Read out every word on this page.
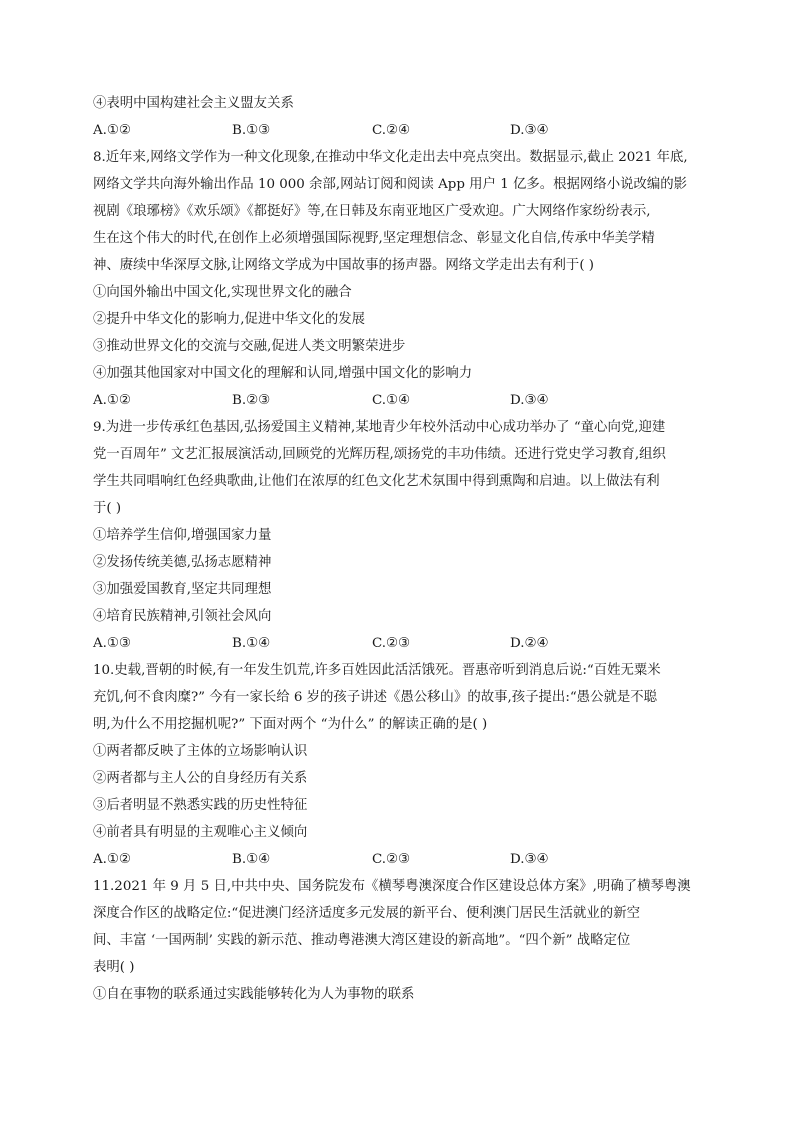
④表明中国构建社会主义盟友关系
A.①②	B.①③	C.②④	D.③④
8.近年来,网络文学作为一种文化现象,在推动中华文化走出去中亮点突出。数据显示,截止 2021 年底,
网络文学共向海外输出作品 10 000 余部,网站订阅和阅读 App 用户 1 亿多。根据网络小说改编的影
视剧《琅琊榜》《欢乐颂》《都挺好》等,在日韩及东南亚地区广受欢迎。广大网络作家纷纷表示,
生在这个伟大的时代,在创作上必须增强国际视野,坚定理想信念、彰显文化自信,传承中华美学精
神、赓续中华深厚文脉,让网络文学成为中国故事的扬声器。网络文学走出去有利于( )
①向国外输出中国文化,实现世界文化的融合
②提升中华文化的影响力,促进中华文化的发展
③推动世界文化的交流与交融,促进人类文明繁荣进步
④加强其他国家对中国文化的理解和认同,增强中国文化的影响力
A.①②	B.②③	C.①④	D.③④
9.为进一步传承红色基因,弘扬爱国主义精神,某地青少年校外活动中心成功举办了 “童心向党,迎建
党一百周年” 文艺汇报展演活动,回顾党的光辉历程,颂扬党的丰功伟绩。还进行党史学习教育,组织
学生共同唱响红色经典歌曲,让他们在浓厚的红色文化艺术氛围中得到熏陶和启迪。以上做法有利
于( )
①培养学生信仰,增强国家力量
②发扬传统美德,弘扬志愿精神
③加强爱国教育,坚定共同理想
④培育民族精神,引领社会风向
A.①③	B.①④	C.②③	D.②④
10.史载,晋朝的时候,有一年发生饥荒,许多百姓因此活活饿死。晋惠帝听到消息后说:“百姓无粟米
充饥,何不食肉糜?” 今有一家长给 6 岁的孩子讲述《愚公移山》的故事,孩子提出:“愚公就是不聪
明,为什么不用挖掘机呢?” 下面对两个 “为什么” 的解读正确的是( )
①两者都反映了主体的立场影响认识
②两者都与主人公的自身经历有关系
③后者明显不熟悉实践的历史性特征
④前者具有明显的主观唯心主义倾向
A.①②	B.①④	C.②③	D.③④
11.2021 年 9 月 5 日,中共中央、国务院发布《横琴粤澳深度合作区建设总体方案》,明确了横琴粤澳
深度合作区的战略定位:“促进澳门经济适度多元发展的新平台、便利澳门居民生活就业的新空
间、丰富 ‘一国两制’ 实践的新示范、推动粤港澳大湾区建设的新高地”。“四个新” 战略定位
表明( )
①自在事物的联系通过实践能够转化为人为事物的联系
